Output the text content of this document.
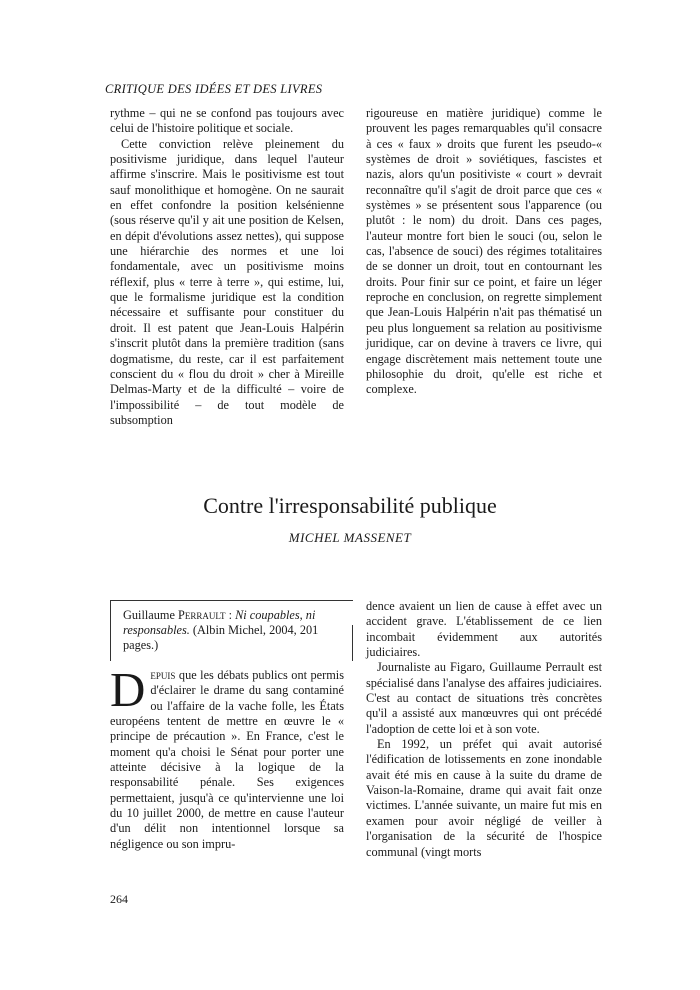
CRITIQUE DES IDÉES ET DES LIVRES

rythme – qui ne se confond pas toujours avec celui de l'histoire politique et sociale.

Cette conviction relève pleinement du positivisme juridique, dans lequel l'auteur affirme s'inscrire. Mais le positivisme est tout sauf monolithique et homogène. On ne saurait en effet confondre la position kelsénienne (sous réserve qu'il y ait une position de Kelsen, en dépit d'évolutions assez nettes), qui suppose une hiérarchie des normes et une loi fondamentale, avec un positivisme moins réflexif, plus « terre à terre », qui estime, lui, que le formalisme juridique est la condition nécessaire et suffisante pour constituer du droit. Il est patent que Jean-Louis Halpérin s'inscrit plutôt dans la première tradition (sans dogmatisme, du reste, car il est parfaitement conscient du « flou du droit » cher à Mireille Delmas-Marty et de la difficulté – voire de l'impossibilité – de tout modèle de subsomption

rigoureuse en matière juridique) comme le prouvent les pages remarquables qu'il consacre à ces « faux » droits que furent les pseudo-« systèmes de droit » soviétiques, fascistes et nazis, alors qu'un positiviste « court » devrait reconnaître qu'il s'agit de droit parce que ces « systèmes » se présentent sous l'apparence (ou plutôt : le nom) du droit. Dans ces pages, l'auteur montre fort bien le souci (ou, selon le cas, l'absence de souci) des régimes totalitaires de se donner un droit, tout en contournant les droits. Pour finir sur ce point, et faire un léger reproche en conclusion, on regrette simplement que Jean-Louis Halpérin n'ait pas thématisé un peu plus longuement sa relation au positivisme juridique, car on devine à travers ce livre, qui engage discrètement mais nettement toute une philosophie du droit, qu'elle est riche et complexe.

Contre l'irresponsabilité publique
MICHEL MASSENET
Guillaume Perrault : Ni coupables, ni responsables. (Albin Michel, 2004, 201 pages.)

Depuis que les débats publics ont permis d'éclairer le drame du sang contaminé ou l'affaire de la vache folle, les États européens tentent de mettre en œuvre le « principe de précaution ». En France, c'est le moment qu'a choisi le Sénat pour porter une atteinte décisive à la logique de la responsabilité pénale. Ses exigences permettaient, jusqu'à ce qu'intervienne une loi du 10 juillet 2000, de mettre en cause l'auteur d'un délit non intentionnel lorsque sa négligence ou son impru-

dence avaient un lien de cause à effet avec un accident grave. L'établissement de ce lien incombait évidemment aux autorités judiciaires.

Journaliste au Figaro, Guillaume Perrault est spécialisé dans l'analyse des affaires judiciaires. C'est au contact de situations très concrètes qu'il a assisté aux manœuvres qui ont précédé l'adoption de cette loi et à son vote.

En 1992, un préfet qui avait autorisé l'édification de lotissements en zone inondable avait été mis en cause à la suite du drame de Vaison-la-Romaine, drame qui avait fait onze victimes. L'année suivante, un maire fut mis en examen pour avoir négligé de veiller à l'organisation de la sécurité de l'hospice communal (vingt morts

264
